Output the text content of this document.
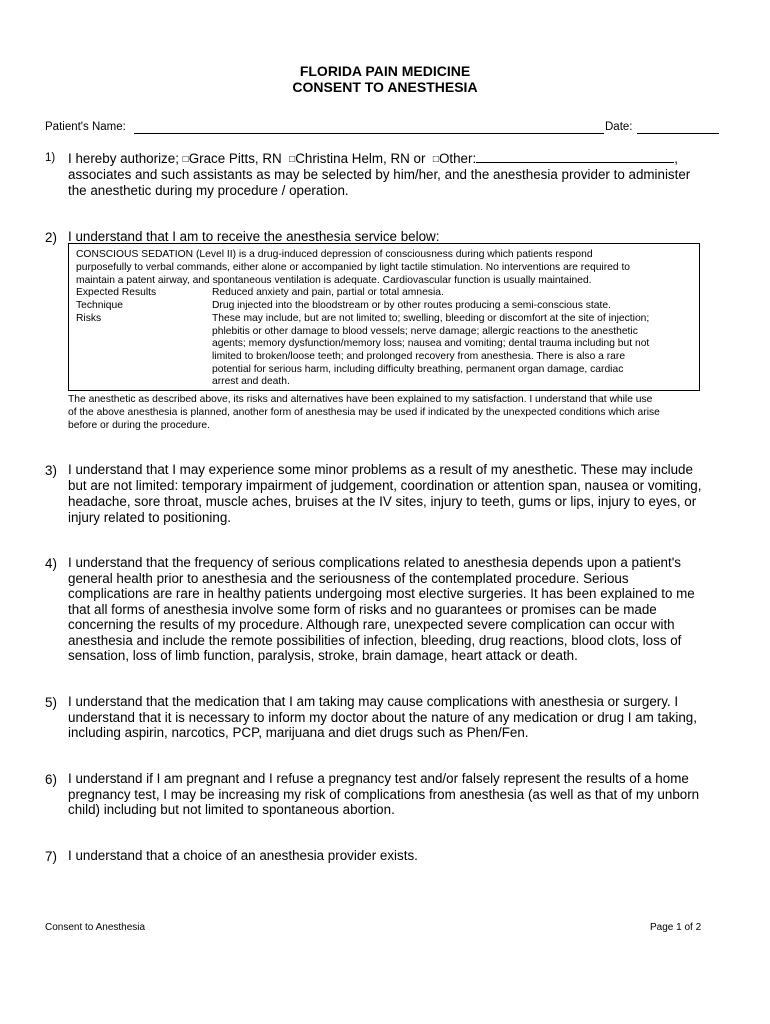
FLORIDA PAIN MEDICINE
CONSENT TO ANESTHESIA
Patient's Name:	Date:
1) I hereby authorize; □Grace Pitts, RN □Christina Helm, RN or □Other:	,
associates and such assistants as may be selected by him/her, and the anesthesia provider to administer
the anesthetic during my procedure / operation.
2) I understand that I am to receive the anesthesia service below:
CONSCIOUS SEDATION (Level II) is a drug-induced depression of consciousness during which patients respond
purposefully to verbal commands, either alone or accompanied by light tactile stimulation. No interventions are required to
maintain a patent airway, and spontaneous ventilation is adequate. Cardiovascular function is usually maintained.
Expected Results	Reduced anxiety and pain, partial or total amnesia.
Technique	Drug injected into the bloodstream or by other routes producing a semi-conscious state.
Risks	These may include, but are not limited to; swelling, bleeding or discomfort at the site of injection;
phlebitis or other damage to blood vessels; nerve damage; allergic reactions to the anesthetic
agents; memory dysfunction/memory loss; nausea and vomiting; dental trauma including but not
limited to broken/loose teeth; and prolonged recovery from anesthesia. There is also a rare
potential for serious harm, including difficulty breathing, permanent organ damage, cardiac
arrest and death.
The anesthetic as described above, its risks and alternatives have been explained to my satisfaction. I understand that while use
of the above anesthesia is planned, another form of anesthesia may be used if indicated by the unexpected conditions which arise
before or during the procedure.
3) I understand that I may experience some minor problems as a result of my anesthetic. These may include
but are not limited: temporary impairment of judgement, coordination or attention span, nausea or vomiting,
headache, sore throat, muscle aches, bruises at the IV sites, injury to teeth, gums or lips, injury to eyes, or
injury related to positioning.
4) I understand that the frequency of serious complications related to anesthesia depends upon a patient's
general health prior to anesthesia and the seriousness of the contemplated procedure. Serious
complications are rare in healthy patients undergoing most elective surgeries. It has been explained to me
that all forms of anesthesia involve some form of risks and no guarantees or promises can be made
concerning the results of my procedure. Although rare, unexpected severe complication can occur with
anesthesia and include the remote possibilities of infection, bleeding, drug reactions, blood clots, loss of
sensation, loss of limb function, paralysis, stroke, brain damage, heart attack or death.
5) I understand that the medication that I am taking may cause complications with anesthesia or surgery. I
understand that it is necessary to inform my doctor about the nature of any medication or drug I am taking,
including aspirin, narcotics, PCP, marijuana and diet drugs such as Phen/Fen.
6) I understand if I am pregnant and I refuse a pregnancy test and/or falsely represent the results of a home
pregnancy test, I may be increasing my risk of complications from anesthesia (as well as that of my unborn
child) including but not limited to spontaneous abortion.
7) I understand that a choice of an anesthesia provider exists.
Consent to Anesthesia	Page 1 of 2
